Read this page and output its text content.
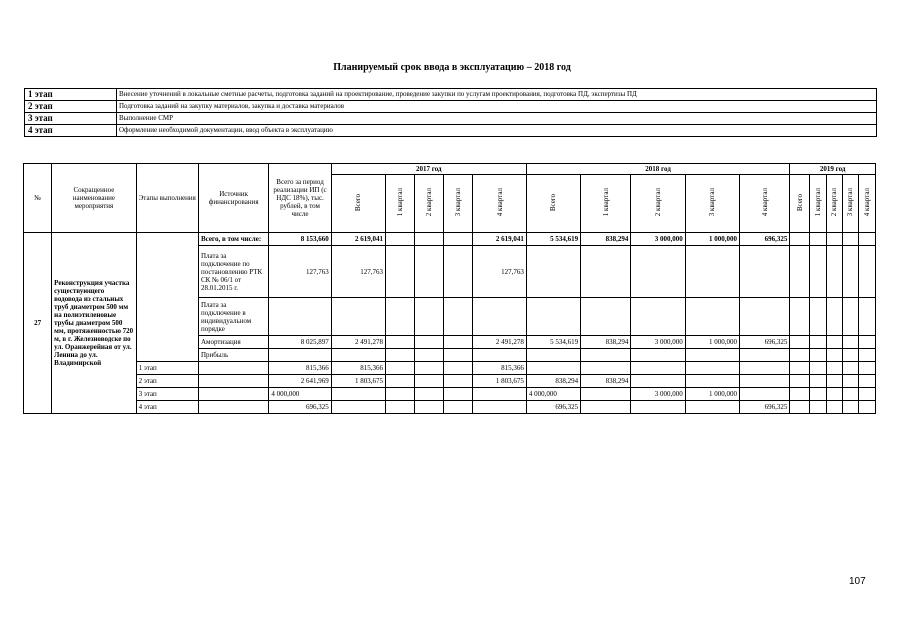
Планируемый срок ввода в эксплуатацию – 2018 год
1 этап	Внесение уточнений в локальные сметные расчеты, подготовка заданий на проектирование, проведение закупки по услугам проектирования, подготовка ПД, экспертизы ПД
2 этап	Подготовка заданий на закупку материалов, закупка и доставка материалов
3 этап	Выполнение СМР
4 этап	Оформление необходимой документации, ввод объекта в эксплуатацию
№	Сокращенное наименование мероприятия	Этапы выполнения	Источник финансирования	Всего за период реализации ИП (с НДС 18%), тыс. рублей, в том числе	2017 год					2018 год					2019 год				
					Всего	1 квартал	2 квартал	3 квартал	4 квартал	Всего	1 квартал	2 квартал	3 квартал	4 квартал	Всего	1 квартал	2 квартал	3 квартал	4 квартал
27	Реконструкция участка существующего водовода из стальных труб диаметром 500 мм на полиэтиленовые трубы диаметром 500 мм, протяженностью 720 м, в г. Железноводске по ул. Оранжерейная от ул. Ленина до ул. Владимирской		Всего, в том числе:	8 153,660	2 619,041				2 619,041	5 534,619	838,294	3 000,000	1 000,000	696,325					
			Плата за подключение по постановлению РТК СК № 06/1 от 28.01.2015 г.	127,763	127,763				127,763										
			Плата за подключение в индивидуальном порядке																
			Амортизация	8 025,897	2 491,278				2 491,278	5 534,619	838,294	3 000,000	1 000,000	696,325					
			Прибыль																
		1 этап		815,366	815,366				815,366										
		2 этап		2 641,969	1 803,675				1 803,675	838,294	838,294								
		3 этап		4 000,000						4 000,000		3 000,000	1 000,000						
		4 этап		696,325						696,325				696,325					
107
